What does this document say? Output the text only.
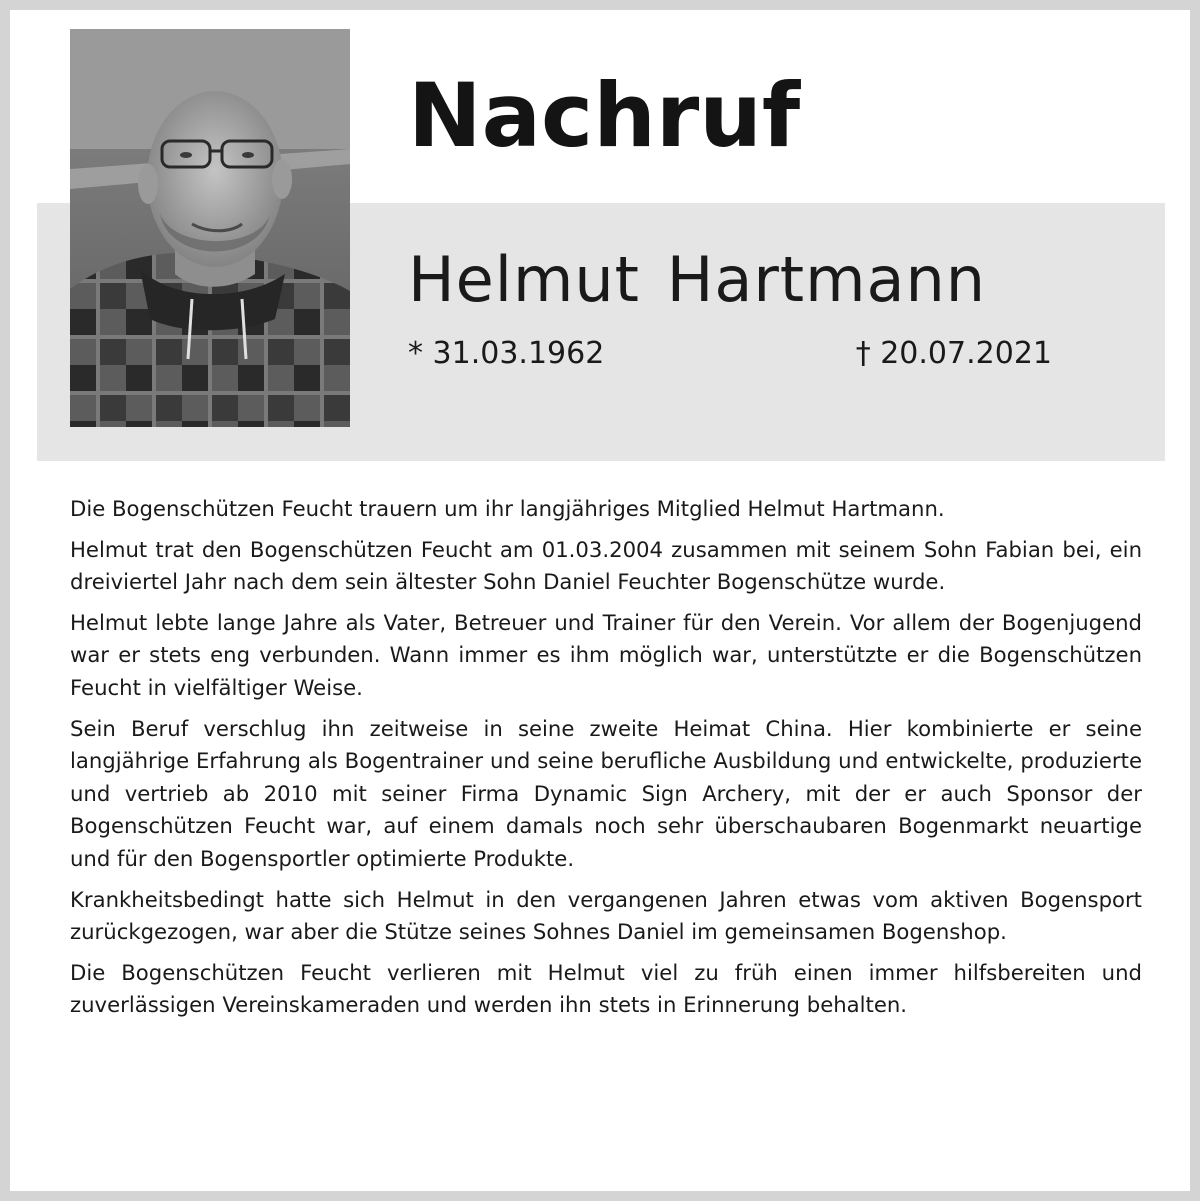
Nachruf
Helmut Hartmann
* 31.03.1962	† 20.07.2021

Die Bogenschützen Feucht trauern um ihr langjähriges Mitglied Helmut Hartmann.

Helmut trat den Bogenschützen Feucht am 01.03.2004 zusammen mit seinem Sohn Fabian bei, ein dreiviertel Jahr nach dem sein ältester Sohn Daniel Feuchter Bogenschütze wurde.

Helmut lebte lange Jahre als Vater, Betreuer und Trainer für den Verein. Vor allem der Bogenjugend war er stets eng verbunden. Wann immer es ihm möglich war, unterstützte er die Bogenschützen Feucht in vielfältiger Weise.

Sein Beruf verschlug ihn zeitweise in seine zweite Heimat China. Hier kombinierte er seine langjährige Erfahrung als Bogentrainer und seine berufliche Ausbildung und entwickelte, produzierte und vertrieb ab 2010 mit seiner Firma Dynamic Sign Archery, mit der er auch Sponsor der Bogenschützen Feucht war, auf einem damals noch sehr überschaubaren Bogenmarkt neuartige und für den Bogensportler optimierte Produkte.

Krankheitsbedingt hatte sich Helmut in den vergangenen Jahren etwas vom aktiven Bogensport zurückgezogen, war aber die Stütze seines Sohnes Daniel im gemeinsamen Bogenshop.

Die Bogenschützen Feucht verlieren mit Helmut viel zu früh einen immer hilfsbereiten und zuverlässigen Vereinskameraden und werden ihn stets in Erinnerung behalten.
